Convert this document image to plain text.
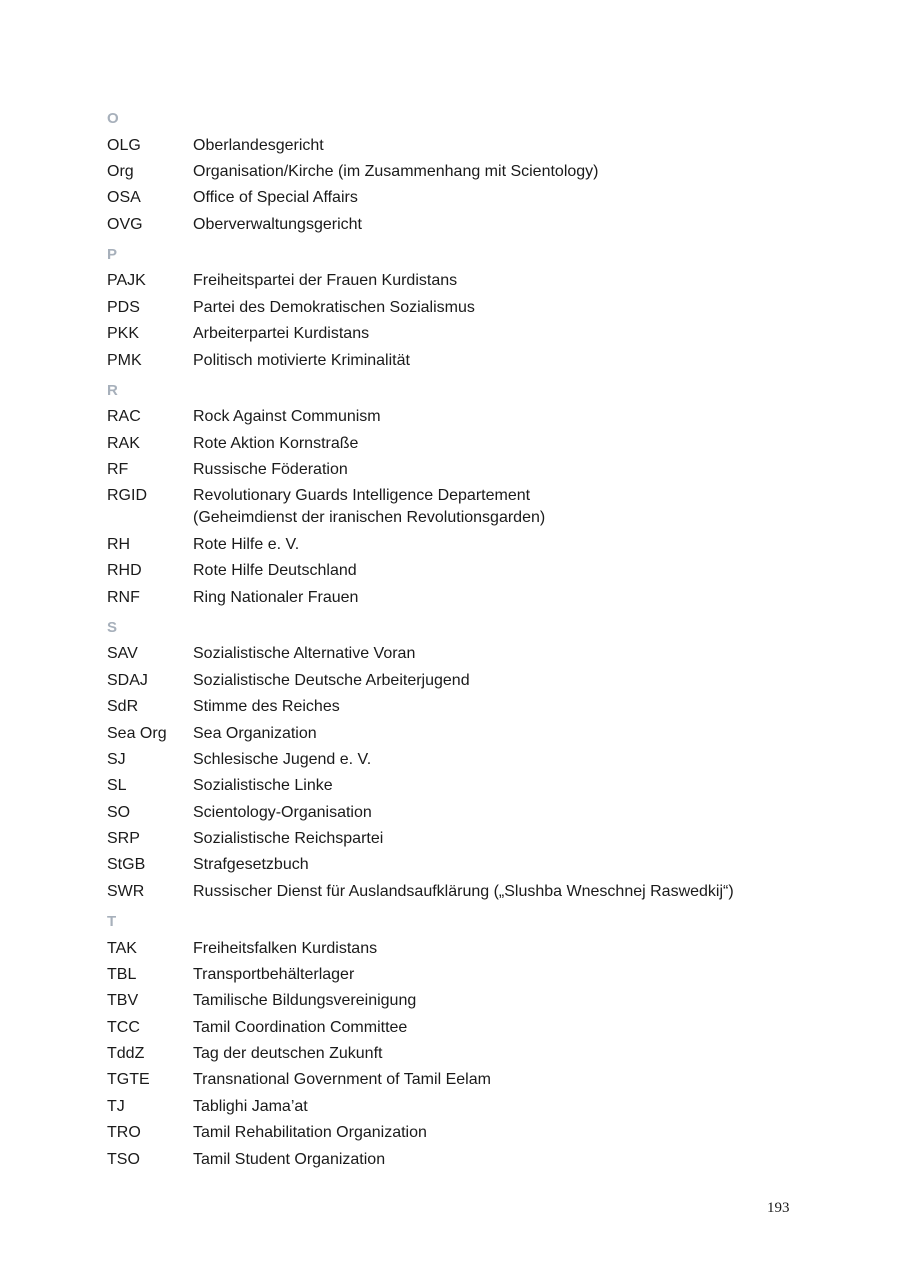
O
OLG	Oberlandesgericht
Org	Organisation/Kirche (im Zusammenhang mit Scientology)
OSA	Office of Special Affairs
OVG	Oberverwaltungsgericht
P
PAJK	Freiheitspartei der Frauen Kurdistans
PDS	Partei des Demokratischen Sozialismus
PKK	Arbeiterpartei Kurdistans
PMK	Politisch motivierte Kriminalität
R
RAC	Rock Against Communism
RAK	Rote Aktion Kornstraße
RF	Russische Föderation
RGID	Revolutionary Guards Intelligence Departement
(Geheimdienst der iranischen Revolutionsgarden)
RH	Rote Hilfe e. V.
RHD	Rote Hilfe Deutschland
RNF	Ring Nationaler Frauen
S
SAV	Sozialistische Alternative Voran
SDAJ	Sozialistische Deutsche Arbeiterjugend
SdR	Stimme des Reiches
Sea Org	Sea Organization
SJ	Schlesische Jugend e. V.
SL	Sozialistische Linke
SO	Scientology-Organisation
SRP	Sozialistische Reichspartei
StGB	Strafgesetzbuch
SWR	Russischer Dienst für Auslandsaufklärung („Slushba Wneschnej Raswedkij“)
T
TAK	Freiheitsfalken Kurdistans
TBL	Transportbehälterlager
TBV	Tamilische Bildungsvereinigung
TCC	Tamil Coordination Committee
TddZ	Tag der deutschen Zukunft
TGTE	Transnational Government of Tamil Eelam
TJ	Tablighi Jama’at
TRO	Tamil Rehabilitation Organization
TSO	Tamil Student Organization
193
